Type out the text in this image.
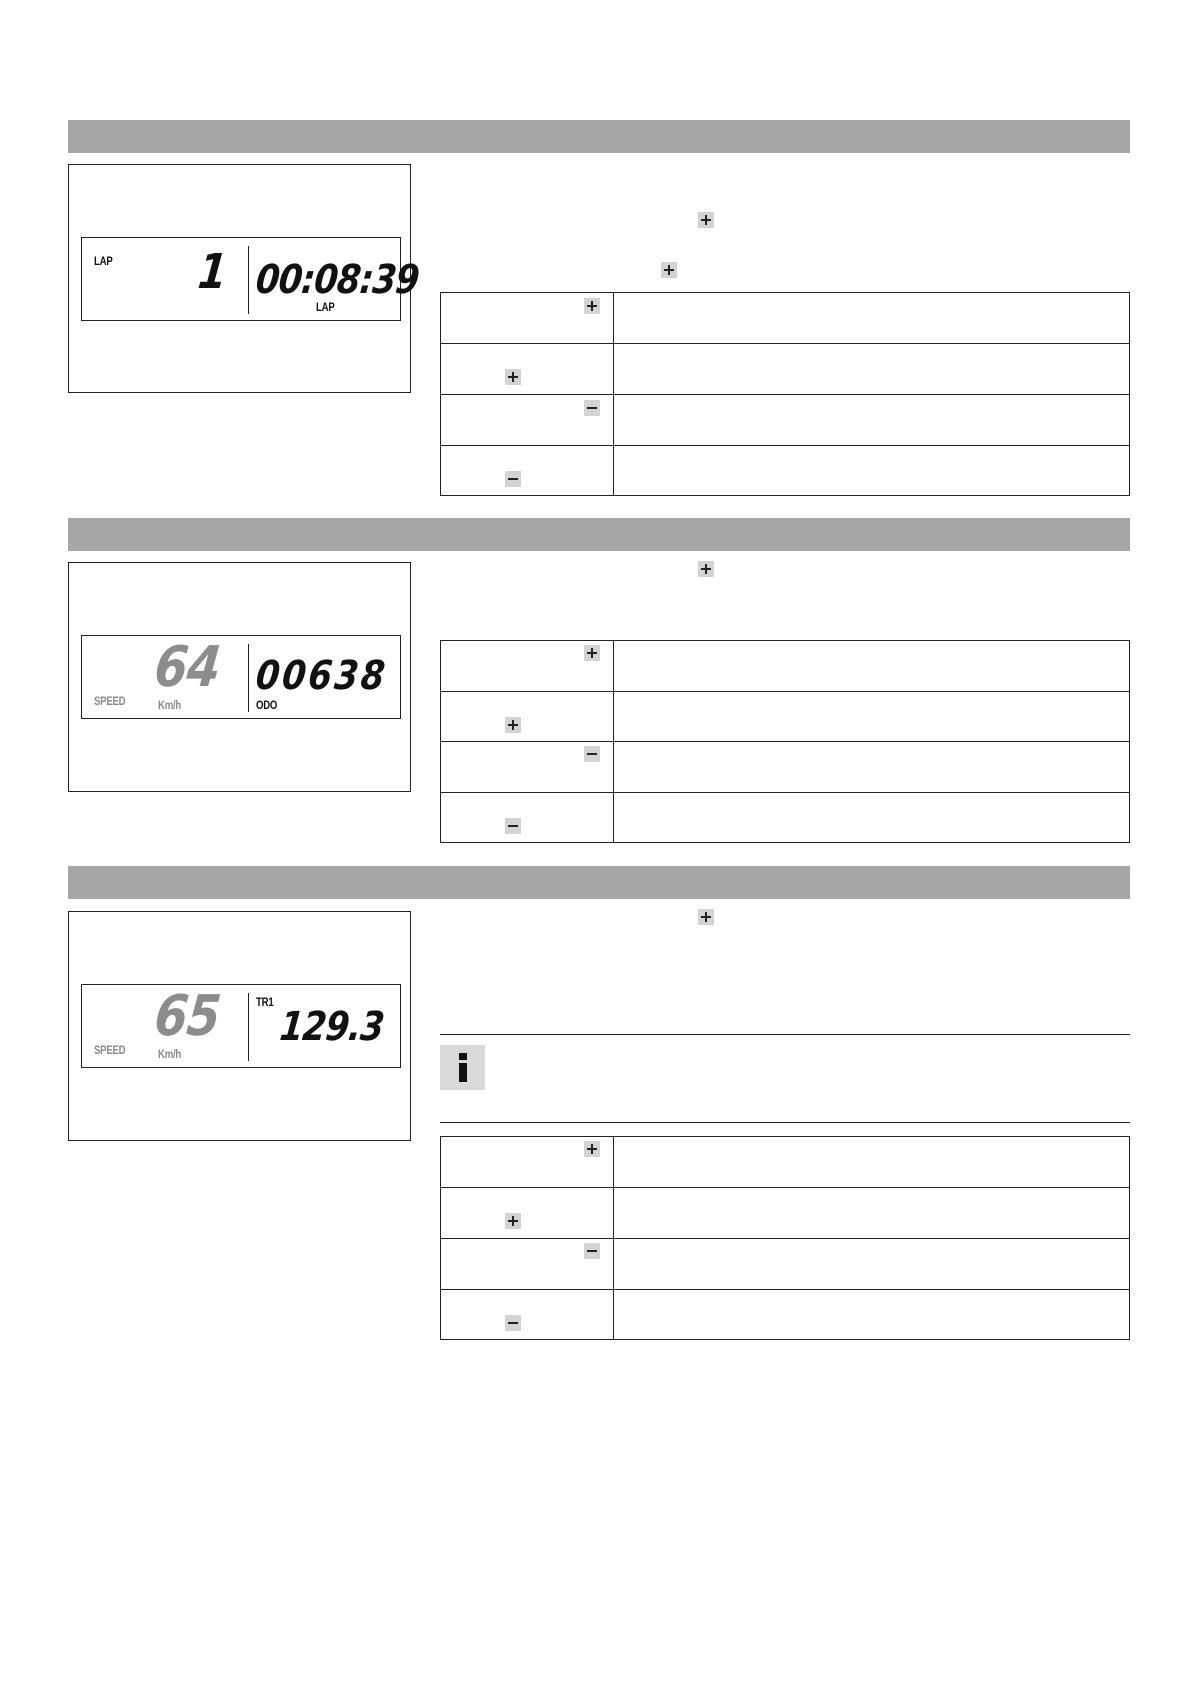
LAP 1 00:08:39
LAP
SPEED
64
Km/h
00638
ODO
SPEED
65
Km/h
TR1
129.3
